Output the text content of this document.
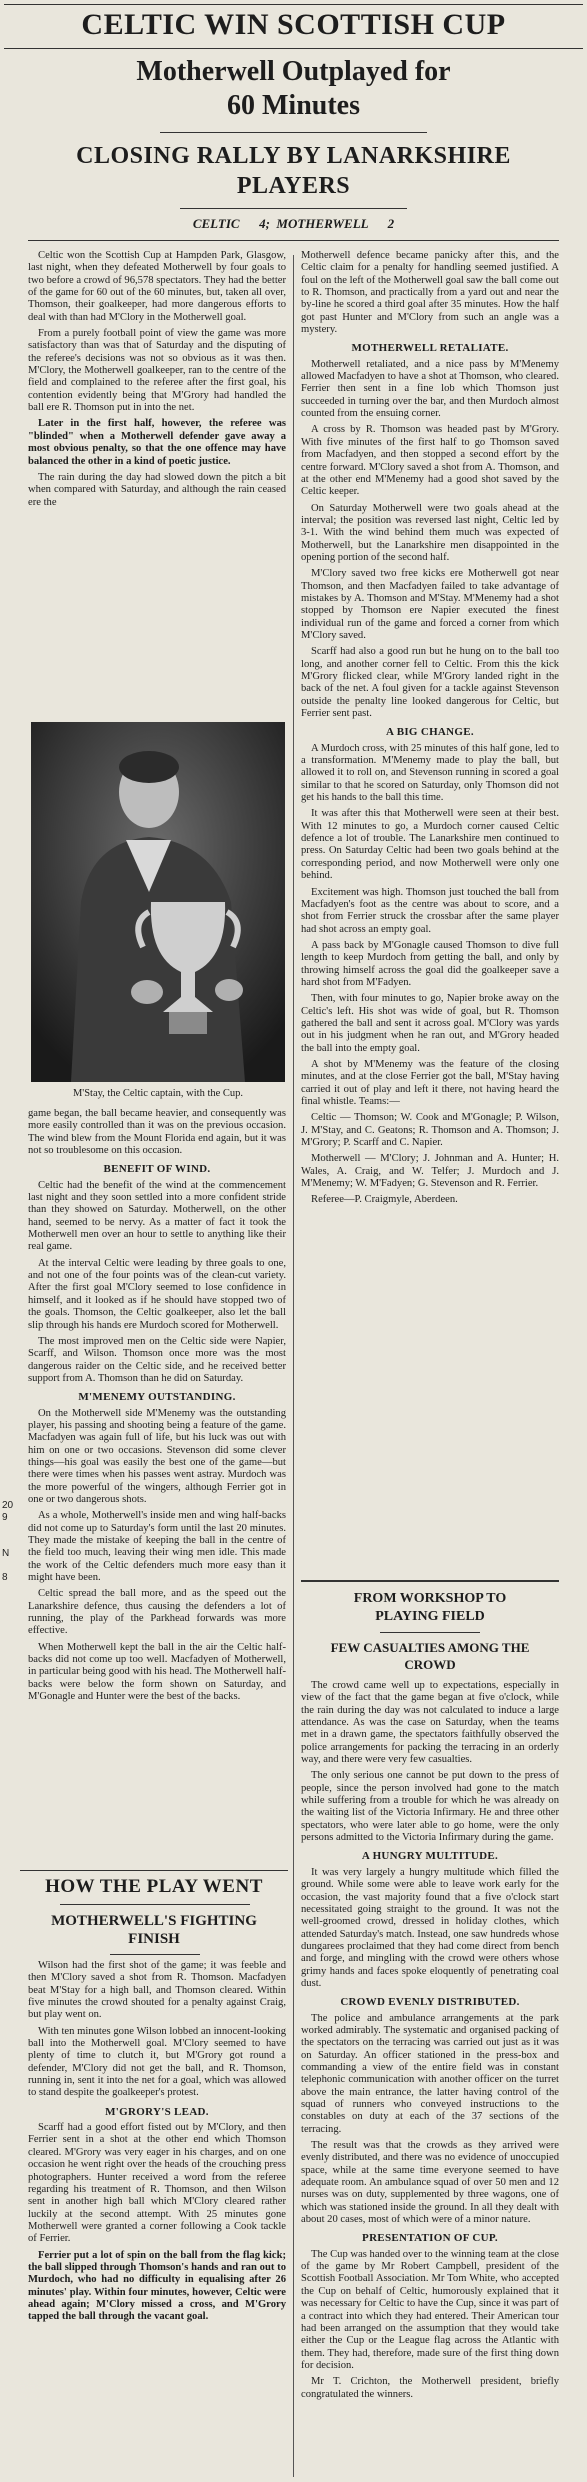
CELTIC WIN SCOTTISH CUP
Motherwell Outplayed for
60 Minutes
CLOSING RALLY BY LANARKSHIRE
PLAYERS
CELTIC      4;  MOTHERWELL      2

Celtic won the Scottish Cup at Hampden Park, Glasgow, last night, when they defeated Motherwell by four goals to two before a crowd of 96,578 spectators. They had the better of the game for 60 out of the 60 minutes, but, taken all over, Thomson, their goalkeeper, had more dangerous efforts to deal with than had M'Clory in the Motherwell goal.

From a purely football point of view the game was more satisfactory than was that of Saturday and the disputing of the referee's decisions was not so obvious as it was then. M'Clory, the Motherwell goalkeeper, ran to the centre of the field and complained to the referee after the first goal, his contention evidently being that M'Grory had handled the ball ere R. Thomson put in into the net.

Later in the first half, however, the referee was "blinded" when a Motherwell defender gave away a most obvious penalty, so that the one offence may have balanced the other in a kind of poetic justice.

The rain during the day had slowed down the pitch a bit when compared with Saturday, and although the rain ceased ere the

M'Stay, the Celtic captain, with the Cup.

game began, the ball became heavier, and consequently was more easily controlled than it was on the previous occasion. The wind blew from the Mount Florida end again, but it was not so troublesome on this occasion.

BENEFIT OF WIND.

Celtic had the benefit of the wind at the commencement last night and they soon settled into a more confident stride than they showed on Saturday. Motherwell, on the other hand, seemed to be nervy. As a matter of fact it took the Motherwell men over an hour to settle to anything like their real game.

At the interval Celtic were leading by three goals to one, and not one of the four points was of the clean-cut variety. After the first goal M'Clory seemed to lose confidence in himself, and it looked as if he should have stopped two of the goals. Thomson, the Celtic goalkeeper, also let the ball slip through his hands ere Murdoch scored for Motherwell.

The most improved men on the Celtic side were Napier, Scarff, and Wilson. Thomson once more was the most dangerous raider on the Celtic side, and he received better support from A. Thomson than he did on Saturday.

M'MENEMY OUTSTANDING.

On the Motherwell side M'Menemy was the outstanding player, his passing and shooting being a feature of the game. Macfadyen was again full of life, but his luck was out with him on one or two occasions. Stevenson did some clever things—his goal was easily the best one of the game—but there were times when his passes went astray. Murdoch was the more powerful of the wingers, although Ferrier got in one or two dangerous shots.

As a whole, Motherwell's inside men and wing half-backs did not come up to Saturday's form until the last 20 minutes. They made the mistake of keeping the ball in the centre of the field too much, leaving their wing men idle. This made the work of the Celtic defenders much more easy than it might have been.

Celtic spread the ball more, and as the speed out the Lanarkshire defence, thus causing the defenders a lot of running, the play of the Parkhead forwards was more effective.

When Motherwell kept the ball in the air the Celtic half-backs did not come up too well. Macfadyen of Motherwell, in particular being good with his head. The Motherwell half-backs were below the form shown on Saturday, and M'Gonagle and Hunter were the best of the backs.

HOW THE PLAY WENT
MOTHERWELL'S FIGHTING
FINISH

Wilson had the first shot of the game; it was feeble and then M'Clory saved a shot from R. Thomson. Macfadyen beat M'Stay for a high ball, and Thomson cleared. Within five minutes the crowd shouted for a penalty against Craig, but play went on.

With ten minutes gone Wilson lobbed an innocent-looking ball into the Motherwell goal. M'Clory seemed to have plenty of time to clutch it, but M'Grory got round a defender, M'Clory did not get the ball, and R. Thomson, running in, sent it into the net for a goal, which was allowed to stand despite the goalkeeper's protest.

M'GRORY'S LEAD.

Scarff had a good effort fisted out by M'Clory, and then Ferrier sent in a shot at the other end which Thomson cleared. M'Grory was very eager in his charges, and on one occasion he went right over the heads of the crouching press photographers. Hunter received a word from the referee regarding his treatment of R. Thomson, and then Wilson sent in another high ball which M'Clory cleared rather luckily at the second attempt. With 25 minutes gone Motherwell were granted a corner following a Cook tackle of Ferrier.

Ferrier put a lot of spin on the ball from the flag kick; the ball slipped through Thomson's hands and ran out to Murdoch, who had no difficulty in equalising after 26 minutes' play. Within four minutes, however, Celtic were ahead again; M'Clory missed a cross, and M'Grory tapped the ball through the vacant goal.

Motherwell defence became panicky after this, and the Celtic claim for a penalty for handling seemed justified. A foul on the left of the Motherwell goal saw the ball come out to R. Thomson, and practically from a yard out and near the by-line he scored a third goal after 35 minutes. How the half got past Hunter and M'Clory from such an angle was a mystery.

MOTHERWELL RETALIATE.

Motherwell retaliated, and a nice pass by M'Menemy allowed Macfadyen to have a shot at Thomson, who cleared. Ferrier then sent in a fine lob which Thomson just succeeded in turning over the bar, and then Murdoch almost counted from the ensuing corner.

A cross by R. Thomson was headed past by M'Grory. With five minutes of the first half to go Thomson saved from Macfadyen, and then stopped a second effort by the centre forward. M'Clory saved a shot from A. Thomson, and at the other end M'Menemy had a good shot saved by the Celtic keeper.

On Saturday Motherwell were two goals ahead at the interval; the position was reversed last night, Celtic led by 3-1. With the wind behind them much was expected of Motherwell, but the Lanarkshire men disappointed in the opening portion of the second half.

M'Clory saved two free kicks ere Motherwell got near Thomson, and then Macfadyen failed to take advantage of mistakes by A. Thomson and M'Stay. M'Menemy had a shot stopped by Thomson ere Napier executed the finest individual run of the game and forced a corner from which M'Clory saved.

Scarff had also a good run but he hung on to the ball too long, and another corner fell to Celtic. From this the kick M'Grory flicked clear, while M'Grory landed right in the back of the net. A foul given for a tackle against Stevenson outside the penalty line looked dangerous for Celtic, but Ferrier sent past.

A BIG CHANGE.

A Murdoch cross, with 25 minutes of this half gone, led to a transformation. M'Menemy made to play the ball, but allowed it to roll on, and Stevenson running in scored a goal similar to that he scored on Saturday, only Thomson did not get his hands to the ball this time.

It was after this that Motherwell were seen at their best. With 12 minutes to go, a Murdoch corner caused Celtic defence a lot of trouble. The Lanarkshire men continued to press. On Saturday Celtic had been two goals behind at the corresponding period, and now Motherwell were only one behind.

Excitement was high. Thomson just touched the ball from Macfadyen's foot as the centre was about to score, and a shot from Ferrier struck the crossbar after the same player had shot across an empty goal.

A pass back by M'Gonagle caused Thomson to dive full length to keep Murdoch from getting the ball, and only by throwing himself across the goal did the goalkeeper save a hard shot from M'Fadyen.

Then, with four minutes to go, Napier broke away on the Celtic's left. His shot was wide of goal, but R. Thomson gathered the ball and sent it across goal. M'Clory was yards out in his judgment when he ran out, and M'Grory headed the ball into the empty goal.

A shot by M'Menemy was the feature of the closing minutes, and at the close Ferrier got the ball, M'Stay having carried it out of play and left it there, not having heard the final whistle. Teams:—

Celtic — Thomson; W. Cook and M'Gonagle; P. Wilson, J. M'Stay, and C. Geatons; R. Thomson and A. Thomson; J. M'Grory; P. Scarff and C. Napier.

Motherwell — M'Clory; J. Johnman and A. Hunter; H. Wales, A. Craig, and W. Telfer; J. Murdoch and J. M'Menemy; W. M'Fadyen; G. Stevenson and R. Ferrier.

Referee—P. Craigmyle, Aberdeen.

FROM WORKSHOP TO
PLAYING FIELD
FEW CASUALTIES AMONG THE
CROWD

The crowd came well up to expectations, especially in view of the fact that the game began at five o'clock, while the rain during the day was not calculated to induce a large attendance. As was the case on Saturday, when the teams met in a drawn game, the spectators faithfully observed the police arrangements for packing the terracing in an orderly way, and there were very few casualties.

The only serious one cannot be put down to the press of people, since the person involved had gone to the match while suffering from a trouble for which he was already on the waiting list of the Victoria Infirmary. He and three other spectators, who were later able to go home, were the only persons admitted to the Victoria Infirmary during the game.

A HUNGRY MULTITUDE.

It was very largely a hungry multitude which filled the ground. While some were able to leave work early for the occasion, the vast majority found that a five o'clock start necessitated going straight to the ground. It was not the well-groomed crowd, dressed in holiday clothes, which attended Saturday's match. Instead, one saw hundreds whose dungarees proclaimed that they had come direct from bench and forge, and mingling with the crowd were others whose grimy hands and faces spoke eloquently of penetrating coal dust.

CROWD EVENLY DISTRIBUTED.

The police and ambulance arrangements at the park worked admirably. The systematic and organised packing of the spectators on the terracing was carried out just as it was on Saturday. An officer stationed in the press-box and commanding a view of the entire field was in constant telephonic communication with another officer on the turret above the main entrance, the latter having control of the squad of runners who conveyed instructions to the constables on duty at each of the 37 sections of the terracing.

The result was that the crowds as they arrived were evenly distributed, and there was no evidence of unoccupied space, while at the same time everyone seemed to have adequate room. An ambulance squad of over 50 men and 12 nurses was on duty, supplemented by three wagons, one of which was stationed inside the ground. In all they dealt with about 20 cases, most of which were of a minor nature.

PRESENTATION OF CUP.

The Cup was handed over to the winning team at the close of the game by Mr Robert Campbell, president of the Scottish Football Association. Mr Tom White, who accepted the Cup on behalf of Celtic, humorously explained that it was necessary for Celtic to have the Cup, since it was part of a contract into which they had entered. Their American tour had been arranged on the assumption that they would take either the Cup or the League flag across the Atlantic with them. They had, therefore, made sure of the first thing down for decision.

Mr T. Crichton, the Motherwell president, briefly congratulated the winners.

20
9
N
8
